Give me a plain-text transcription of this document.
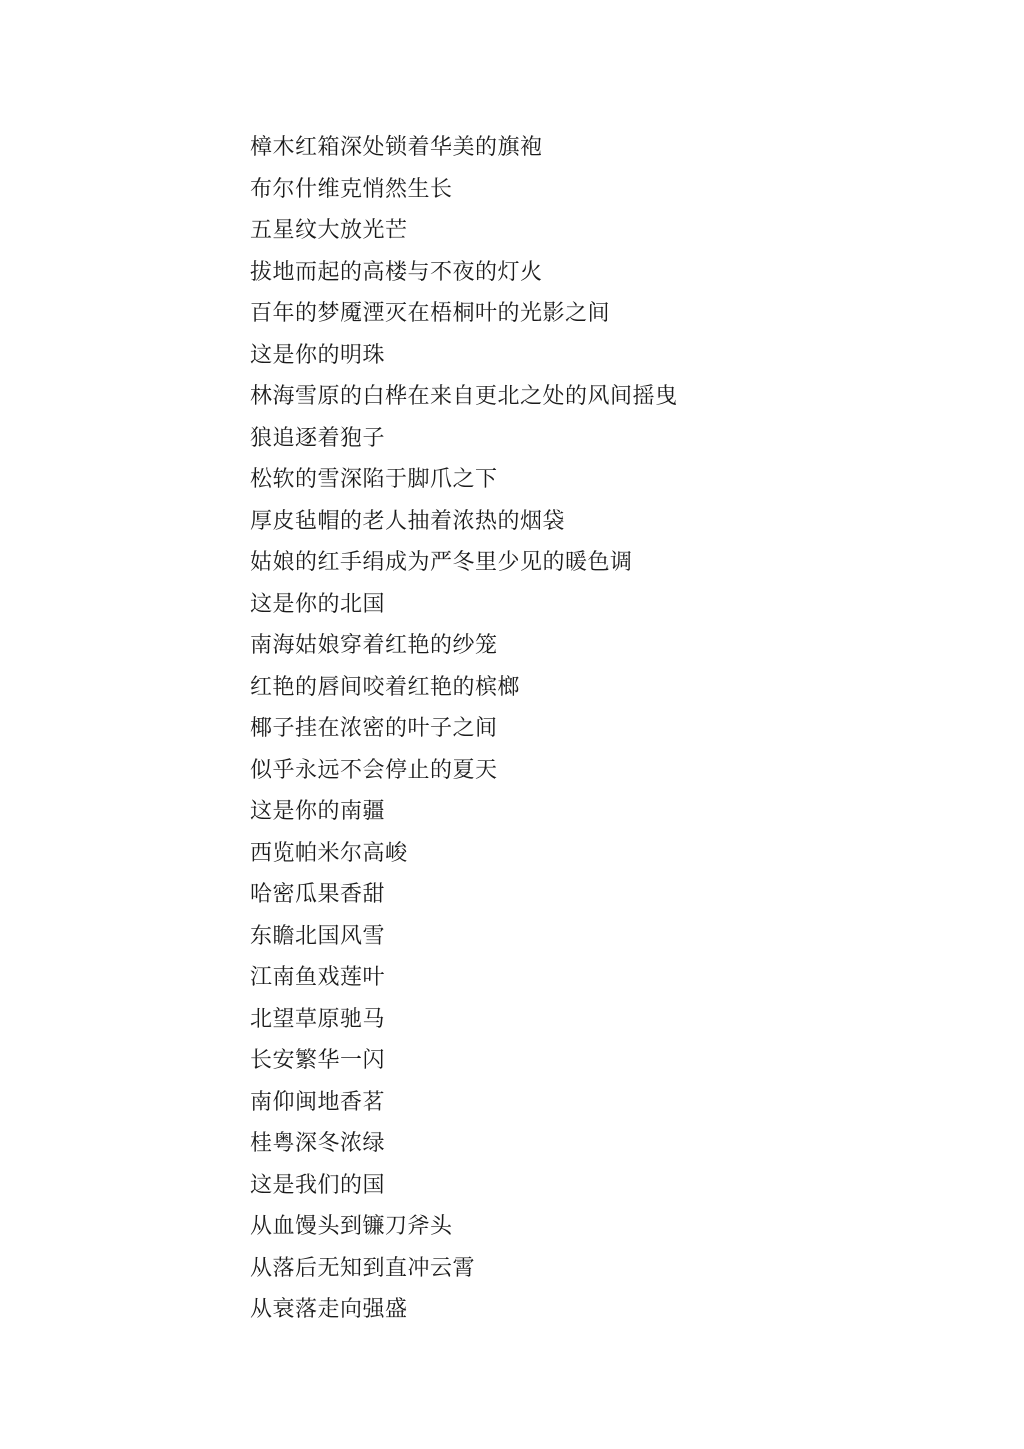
樟木红箱深处锁着华美的旗袍
布尔什维克悄然生长
五星纹大放光芒
拔地而起的高楼与不夜的灯火
百年的梦魇湮灭在梧桐叶的光影之间
这是你的明珠
林海雪原的白桦在来自更北之处的风间摇曳
狼追逐着狍子
松软的雪深陷于脚爪之下
厚皮毡帽的老人抽着浓热的烟袋
姑娘的红手绢成为严冬里少见的暖色调
这是你的北国
南海姑娘穿着红艳的纱笼
红艳的唇间咬着红艳的槟榔
椰子挂在浓密的叶子之间
似乎永远不会停止的夏天
这是你的南疆
西览帕米尔高峻
哈密瓜果香甜
东瞻北国风雪
江南鱼戏莲叶
北望草原驰马
长安繁华一闪
南仰闽地香茗
桂粤深冬浓绿
这是我们的国
从血馒头到镰刀斧头
从落后无知到直冲云霄
从衰落走向强盛
